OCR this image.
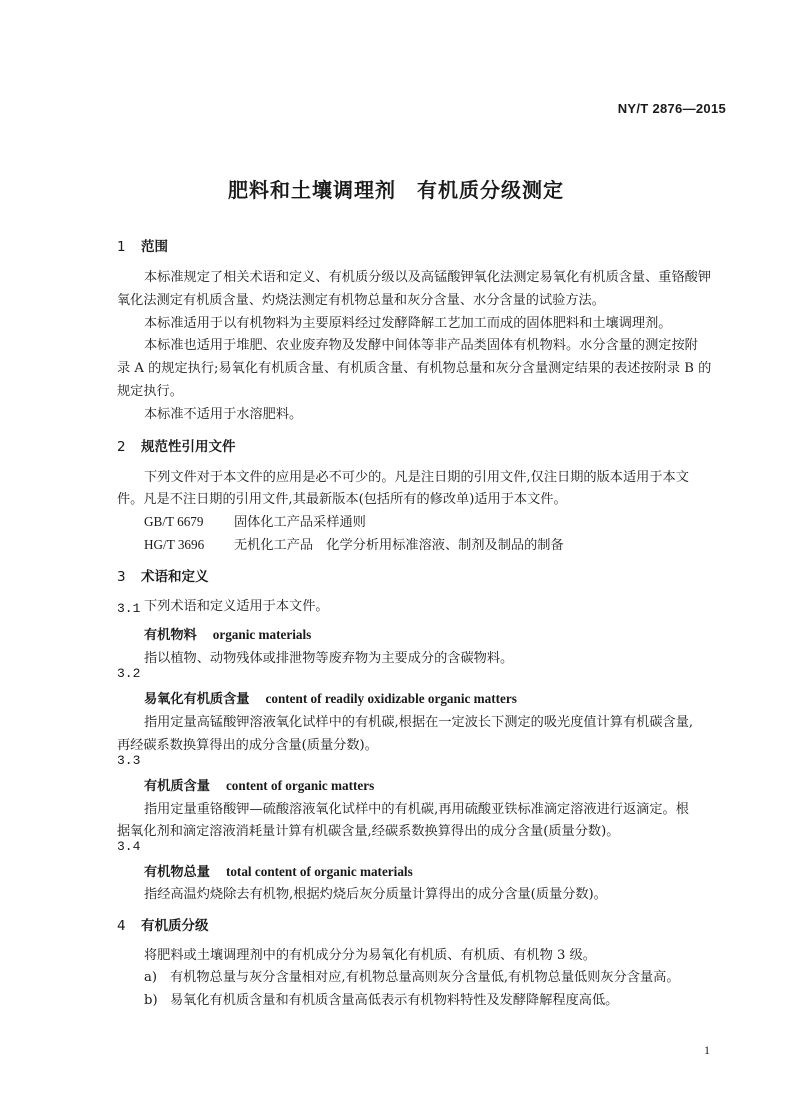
NY/T 2876—2015
肥料和土壤调理剂　有机质分级测定
1 范围
本标准规定了相关术语和定义、有机质分级以及高锰酸钾氧化法测定易氧化有机质含量、重铬酸钾
氧化法测定有机质含量、灼烧法测定有机物总量和灰分含量、水分含量的试验方法。
本标准适用于以有机物料为主要原料经过发酵降解工艺加工而成的固体肥料和土壤调理剂。
本标准也适用于堆肥、农业废弃物及发酵中间体等非产品类固体有机物料。水分含量的测定按附
录 A 的规定执行;易氧化有机质含量、有机质含量、有机物总量和灰分含量测定结果的表述按附录 B 的
规定执行。
本标准不适用于水溶肥料。
2 规范性引用文件
下列文件对于本文件的应用是必不可少的。凡是注日期的引用文件,仅注日期的版本适用于本文
件。凡是不注日期的引用文件,其最新版本(包括所有的修改单)适用于本文件。
GB/T 6679 固体化工产品采样通则
HG/T 3696 无机化工产品　化学分析用标准溶液、制剂及制品的制备
3 术语和定义
下列术语和定义适用于本文件。
3.1
有机物料 organic materials
指以植物、动物残体或排泄物等废弃物为主要成分的含碳物料。
3.2
易氧化有机质含量 content of readily oxidizable organic matters
指用定量高锰酸钾溶液氧化试样中的有机碳,根据在一定波长下测定的吸光度值计算有机碳含量,
再经碳系数换算得出的成分含量(质量分数)。
3.3
有机质含量 content of organic matters
指用定量重铬酸钾—硫酸溶液氧化试样中的有机碳,再用硫酸亚铁标准滴定溶液进行返滴定。根
据氧化剂和滴定溶液消耗量计算有机碳含量,经碳系数换算得出的成分含量(质量分数)。
3.4
有机物总量 total content of organic materials
指经高温灼烧除去有机物,根据灼烧后灰分质量计算得出的成分含量(质量分数)。
4 有机质分级
将肥料或土壤调理剂中的有机成分分为易氧化有机质、有机质、有机物 3 级。
a) 有机物总量与灰分含量相对应,有机物总量高则灰分含量低,有机物总量低则灰分含量高。
b) 易氧化有机质含量和有机质含量高低表示有机物料特性及发酵降解程度高低。
1
